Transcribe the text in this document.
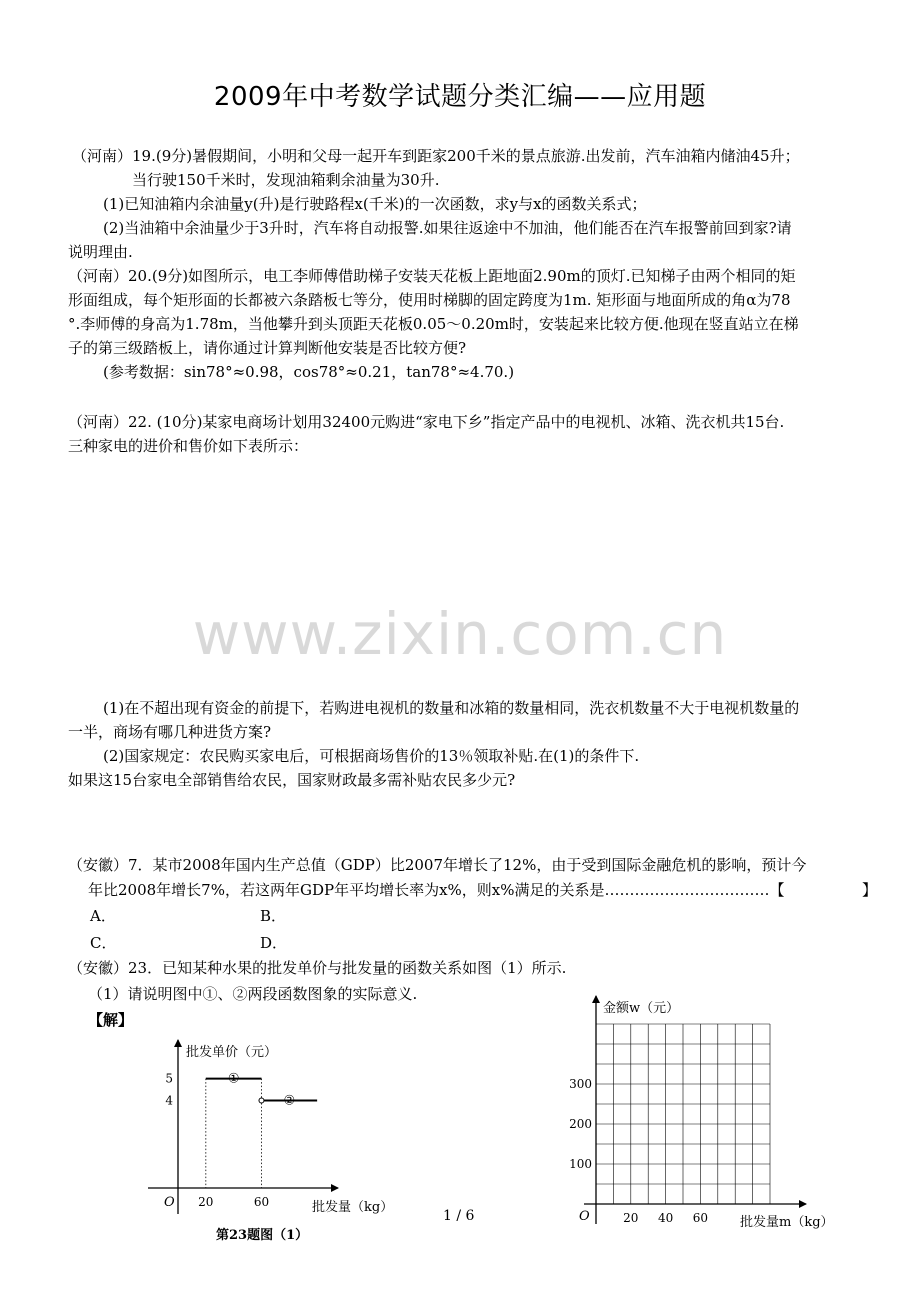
2009年中考数学试题分类汇编——应用题
（河南）19.(9分)暑假期间，小明和父母一起开车到距家200千米的景点旅游.出发前，汽车油箱内储油45升；
当行驶150千米时，发现油箱剩余油量为30升.
(1)已知油箱内余油量y(升)是行驶路程x(千米)的一次函数，求y与x的函数关系式；
(2)当油箱中余油量少于3升时，汽车将自动报警.如果往返途中不加油，他们能否在汽车报警前回到家?请
说明理由.
（河南）20.(9分)如图所示，电工李师傅借助梯子安装天花板上距地面2.90m的顶灯.已知梯子由两个相同的矩
形面组成，每个矩形面的长都被六条踏板七等分，使用时梯脚的固定跨度为1m. 矩形面与地面所成的角α为78
°.李师傅的身高为1.78m，当他攀升到头顶距天花板0.05～0.20m时，安装起来比较方便.他现在竖直站立在梯
子的第三级踏板上，请你通过计算判断他安装是否比较方便?
(参考数据：sin78°≈0.98，cos78°≈0.21，tan78°≈4.70.)
（河南）22. (10分)某家电商场计划用32400元购进“家电下乡”指定产品中的电视机、冰箱、洗衣机共15台.
三种家电的进价和售价如下表所示：
www.zixin.com.cn
(1)在不超出现有资金的前提下，若购进电视机的数量和冰箱的数量相同，洗衣机数量不大于电视机数量的
一半，商场有哪几种进货方案?
(2)国家规定：农民购买家电后，可根据商场售价的13％领取补贴.在(1)的条件下.
如果这15台家电全部销售给农民，国家财政最多需补贴农民多少元?
（安徽）7．某市2008年国内生产总值（GDP）比2007年增长了12%，由于受到国际金融危机的影响，预计今
年比2008年增长7%，若这两年GDP年平均增长率为x%，则x%满足的关系是……………………………【	】
A．	B．
C．	D．
（安徽）23．已知某种水果的批发单价与批发量的函数关系如图（1）所示.
（1）请说明图中①、②两段函数图象的实际意义.
【解】
批发单价（元）
批发量（kg）
O 20	60
5
4
①
②
第23题图（1）
1 / 6
金额w（元）
批发量m（kg）
O	20 40 60
100
200
300
